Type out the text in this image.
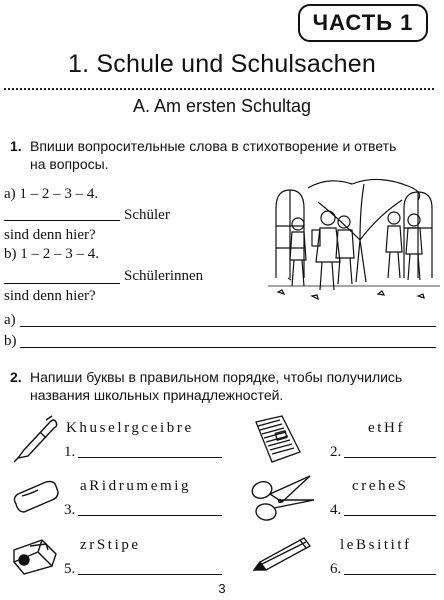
ЧАСТЬ 1
1. Schule und Schulsachen
A. Am ersten Schultag
1. Впиши вопросительные слова в стихотворение и ответь
на вопросы.
a) 1 – 2 – 3 – 4.
Schüler
sind denn hier?
b) 1 – 2 – 3 – 4.
Schülerinnen
sind denn hier?
a)
b)
2. Напиши буквы в правильном порядке, чтобы получились
названия школьных принадлежностей.
Khuselrgceibre
1.
etHf
2.
aRidrumemig
3.
creheS
4.
zrStipe
5.
leBsititf
6.
3
